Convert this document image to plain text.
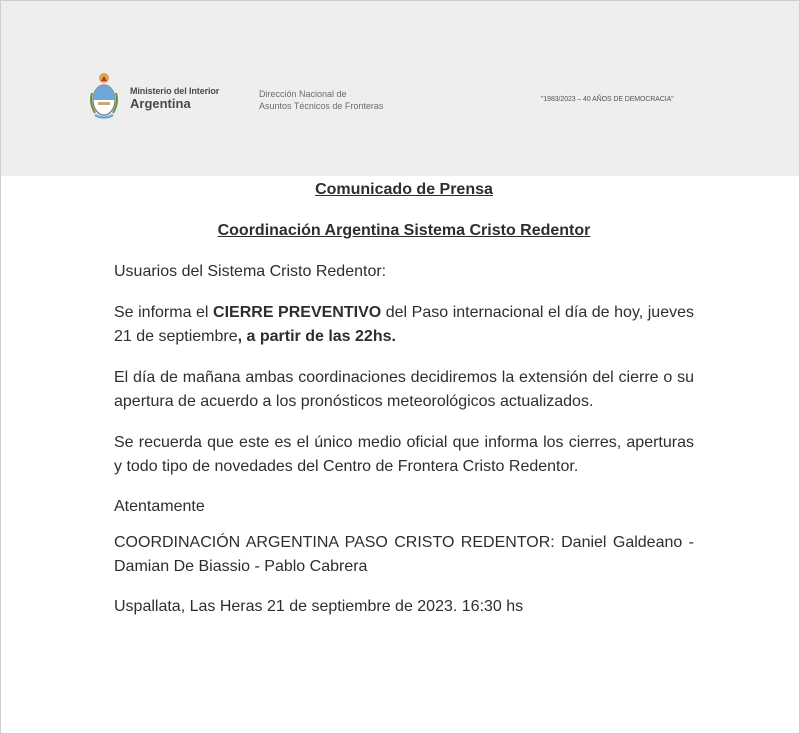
Ministerio del Interior
Argentina
Dirección Nacional de
Asuntos Técnicos de Fronteras
"1983/2023 – 40 AÑOS DE DEMOCRACIA"
Comunicado de Prensa
Coordinación Argentina Sistema Cristo Redentor

Usuarios del Sistema Cristo Redentor:

Se informa el CIERRE PREVENTIVO del Paso internacional el día de hoy, jueves 21 de septiembre, a partir de las 22hs.

El día de mañana ambas coordinaciones decidiremos la extensión del cierre o su apertura de acuerdo a los pronósticos meteorológicos actualizados.

Se recuerda que este es el único medio oficial que informa los cierres, aperturas y todo tipo de novedades del Centro de Frontera Cristo Redentor.

Atentamente

COORDINACIÓN ARGENTINA PASO CRISTO REDENTOR: Daniel Galdeano - Damian De Biassio - Pablo Cabrera

Uspallata, Las Heras 21 de septiembre de 2023. 16:30 hs
